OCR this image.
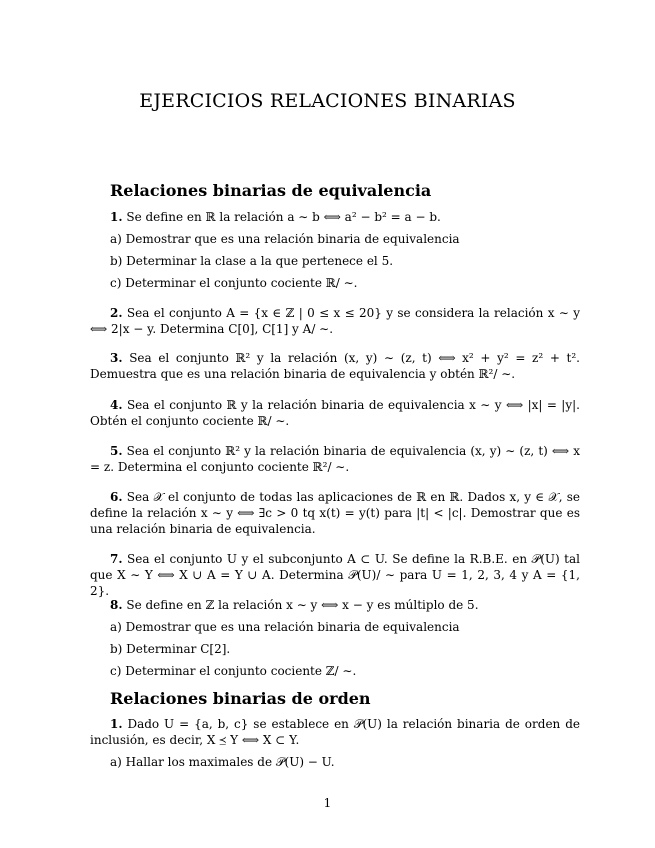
EJERCICIOS RELACIONES BINARIAS
Relaciones binarias de equivalencia

1. Se define en ℝ la relación a ∼ b ⟺ a² − b² = a − b.

a) Demostrar que es una relación binaria de equivalencia

b) Determinar la clase a la que pertenece el 5.

c) Determinar el conjunto cociente ℝ/ ∼.

2. Sea el conjunto A = {x ∈ ℤ | 0 ≤ x ≤ 20} y se considera la relación x ∼ y ⟺ 2|x − y. Determina C[0], C[1] y A/ ∼.

3. Sea el conjunto ℝ² y la relación (x, y) ∼ (z, t) ⟺ x² + y² = z² + t². Demuestra que es una relación binaria de equivalencia y obtén ℝ²/ ∼.

4. Sea el conjunto ℝ y la relación binaria de equivalencia x ∼ y ⟺ |x| = |y|. Obtén el conjunto cociente ℝ/ ∼.

5. Sea el conjunto ℝ² y la relación binaria de equivalencia (x, y) ∼ (z, t) ⟺ x = z. Determina el conjunto cociente ℝ²/ ∼.

6. Sea 𝒳 el conjunto de todas las aplicaciones de ℝ en ℝ. Dados x, y ∈ 𝒳, se define la relación x ∼ y ⟺ ∃c > 0 tq x(t) = y(t) para |t| < |c|. Demostrar que es una relación binaria de equivalencia.

7. Sea el conjunto U y el subconjunto A ⊂ U. Se define la R.B.E. en 𝒫(U) tal que X ∼ Y ⟺ X ∪ A = Y ∪ A. Determina 𝒫(U)/ ∼ para U = 1, 2, 3, 4 y A = {1, 2}.

8. Se define en ℤ la relación x ∼ y ⟺ x − y es múltiplo de 5.

a) Demostrar que es una relación binaria de equivalencia

b) Determinar C[2].

c) Determinar el conjunto cociente ℤ/ ∼.

Relaciones binarias de orden

1. Dado U = {a, b, c} se establece en 𝒫(U) la relación binaria de orden de inclusión, es decir, X ⪯ Y ⟺ X ⊂ Y.

a) Hallar los maximales de 𝒫(U) − U.

1
